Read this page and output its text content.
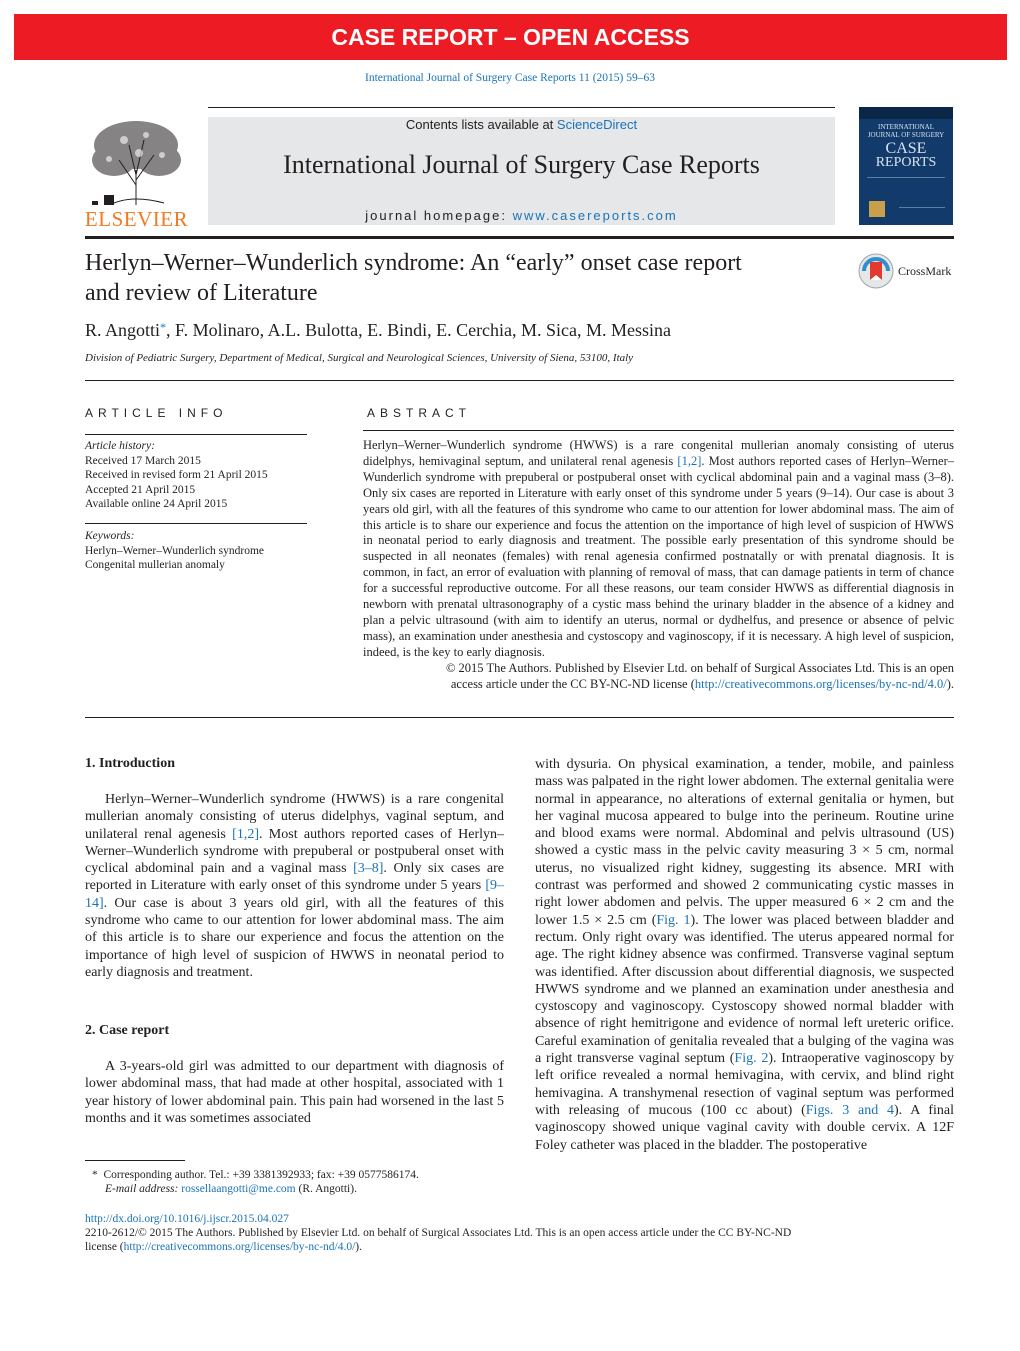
CASE REPORT – OPEN ACCESS
International Journal of Surgery Case Reports 11 (2015) 59–63
ELSEVIER
Contents lists available at ScienceDirect
International Journal of Surgery Case Reports
journal homepage: www.casereports.com
INTERNATIONAL JOURNAL OF SURGERY
CASE
REPORTS
Herlyn–Werner–Wunderlich syndrome: An “early” onset case report
and review of Literature
CrossMark
R. Angotti*, F. Molinaro, A.L. Bulotta, E. Bindi, E. Cerchia, M. Sica, M. Messina
Division of Pediatric Surgery, Department of Medical, Surgical and Neurological Sciences, University of Siena, 53100, Italy
ARTICLE INFO
Article history:
Received 17 March 2015
Received in revised form 21 April 2015
Accepted 21 April 2015
Available online 24 April 2015
Keywords:
Herlyn–Werner–Wunderlich syndrome
Congenital mullerian anomaly
ABSTRACT
Herlyn–Werner–Wunderlich syndrome (HWWS) is a rare congenital mullerian anomaly consisting of uterus didelphys, hemivaginal septum, and unilateral renal agenesis [1,2]. Most authors reported cases of Herlyn–Werner–Wunderlich syndrome with prepuberal or postpuberal onset with cyclical abdominal pain and a vaginal mass (3–8). Only six cases are reported in Literature with early onset of this syndrome under 5 years (9–14). Our case is about 3 years old girl, with all the features of this syndrome who came to our attention for lower abdominal mass. The aim of this article is to share our experience and focus the attention on the importance of high level of suspicion of HWWS in neonatal period to early diagnosis and treatment. The possible early presentation of this syndrome should be suspected in all neonates (females) with renal agenesia confirmed postnatally or with prenatal diagnosis. It is common, in fact, an error of evaluation with planning of removal of mass, that can damage patients in term of chance for a successful reproductive outcome. For all these reasons, our team consider HWWS as differential diagnosis in newborn with prenatal ultrasonography of a cystic mass behind the urinary bladder in the absence of a kidney and plan a pelvic ultrasound (with aim to identify an uterus, normal or dydhelfus, and presence or absence of pelvic mass), an examination under anesthesia and cystoscopy and vaginoscopy, if it is necessary. A high level of suspicion, indeed, is the key to early diagnosis.
© 2015 The Authors. Published by Elsevier Ltd. on behalf of Surgical Associates Ltd. This is an open
access article under the CC BY-NC-ND license (http://creativecommons.org/licenses/by-nc-nd/4.0/).
1. Introduction
Herlyn–Werner–Wunderlich syndrome (HWWS) is a rare congenital mullerian anomaly consisting of uterus didelphys, vaginal septum, and unilateral renal agenesis [1,2]. Most authors reported cases of Herlyn–Werner–Wunderlich syndrome with prepuberal or postpuberal onset with cyclical abdominal pain and a vaginal mass [3–8]. Only six cases are reported in Literature with early onset of this syndrome under 5 years [9–14]. Our case is about 3 years old girl, with all the features of this syndrome who came to our attention for lower abdominal mass. The aim of this article is to share our experience and focus the attention on the importance of high level of suspicion of HWWS in neonatal period to early diagnosis and treatment.
2. Case report
A 3-years-old girl was admitted to our department with diagnosis of lower abdominal mass, that had made at other hospital, associated with 1 year history of lower abdominal pain. This pain had worsened in the last 5 months and it was sometimes associated
* Corresponding author. Tel.: +39 3381392933; fax: +39 0577586174.
E-mail address: rossellaangotti@me.com (R. Angotti).
with dysuria. On physical examination, a tender, mobile, and painless mass was palpated in the right lower abdomen. The external genitalia were normal in appearance, no alterations of external genitalia or hymen, but her vaginal mucosa appeared to bulge into the perineum. Routine urine and blood exams were normal. Abdominal and pelvis ultrasound (US) showed a cystic mass in the pelvic cavity measuring 3 × 5 cm, normal uterus, no visualized right kidney, suggesting its absence. MRI with contrast was performed and showed 2 communicating cystic masses in right lower abdomen and pelvis. The upper measured 6 × 2 cm and the lower 1.5 × 2.5 cm (Fig. 1). The lower was placed between bladder and rectum. Only right ovary was identified. The uterus appeared normal for age. The right kidney absence was confirmed. Transverse vaginal septum was identified. After discussion about differential diagnosis, we suspected HWWS syndrome and we planned an examination under anesthesia and cystoscopy and vaginoscopy. Cystoscopy showed normal bladder with absence of right hemitrigone and evidence of normal left ureteric orifice. Careful examination of genitalia revealed that a bulging of the vagina was a right transverse vaginal septum (Fig. 2). Intraoperative vaginoscopy by left orifice revealed a normal hemivagina, with cervix, and blind right hemivagina. A transhymenal resection of vaginal septum was performed with releasing of mucous (100 cc about) (Figs. 3 and 4). A final vaginoscopy showed unique vaginal cavity with double cervix. A 12F Foley catheter was placed in the bladder. The postoperative
http://dx.doi.org/10.1016/j.ijscr.2015.04.027
2210-2612/© 2015 The Authors. Published by Elsevier Ltd. on behalf of Surgical Associates Ltd. This is an open access article under the CC BY-NC-ND
license (http://creativecommons.org/licenses/by-nc-nd/4.0/).
